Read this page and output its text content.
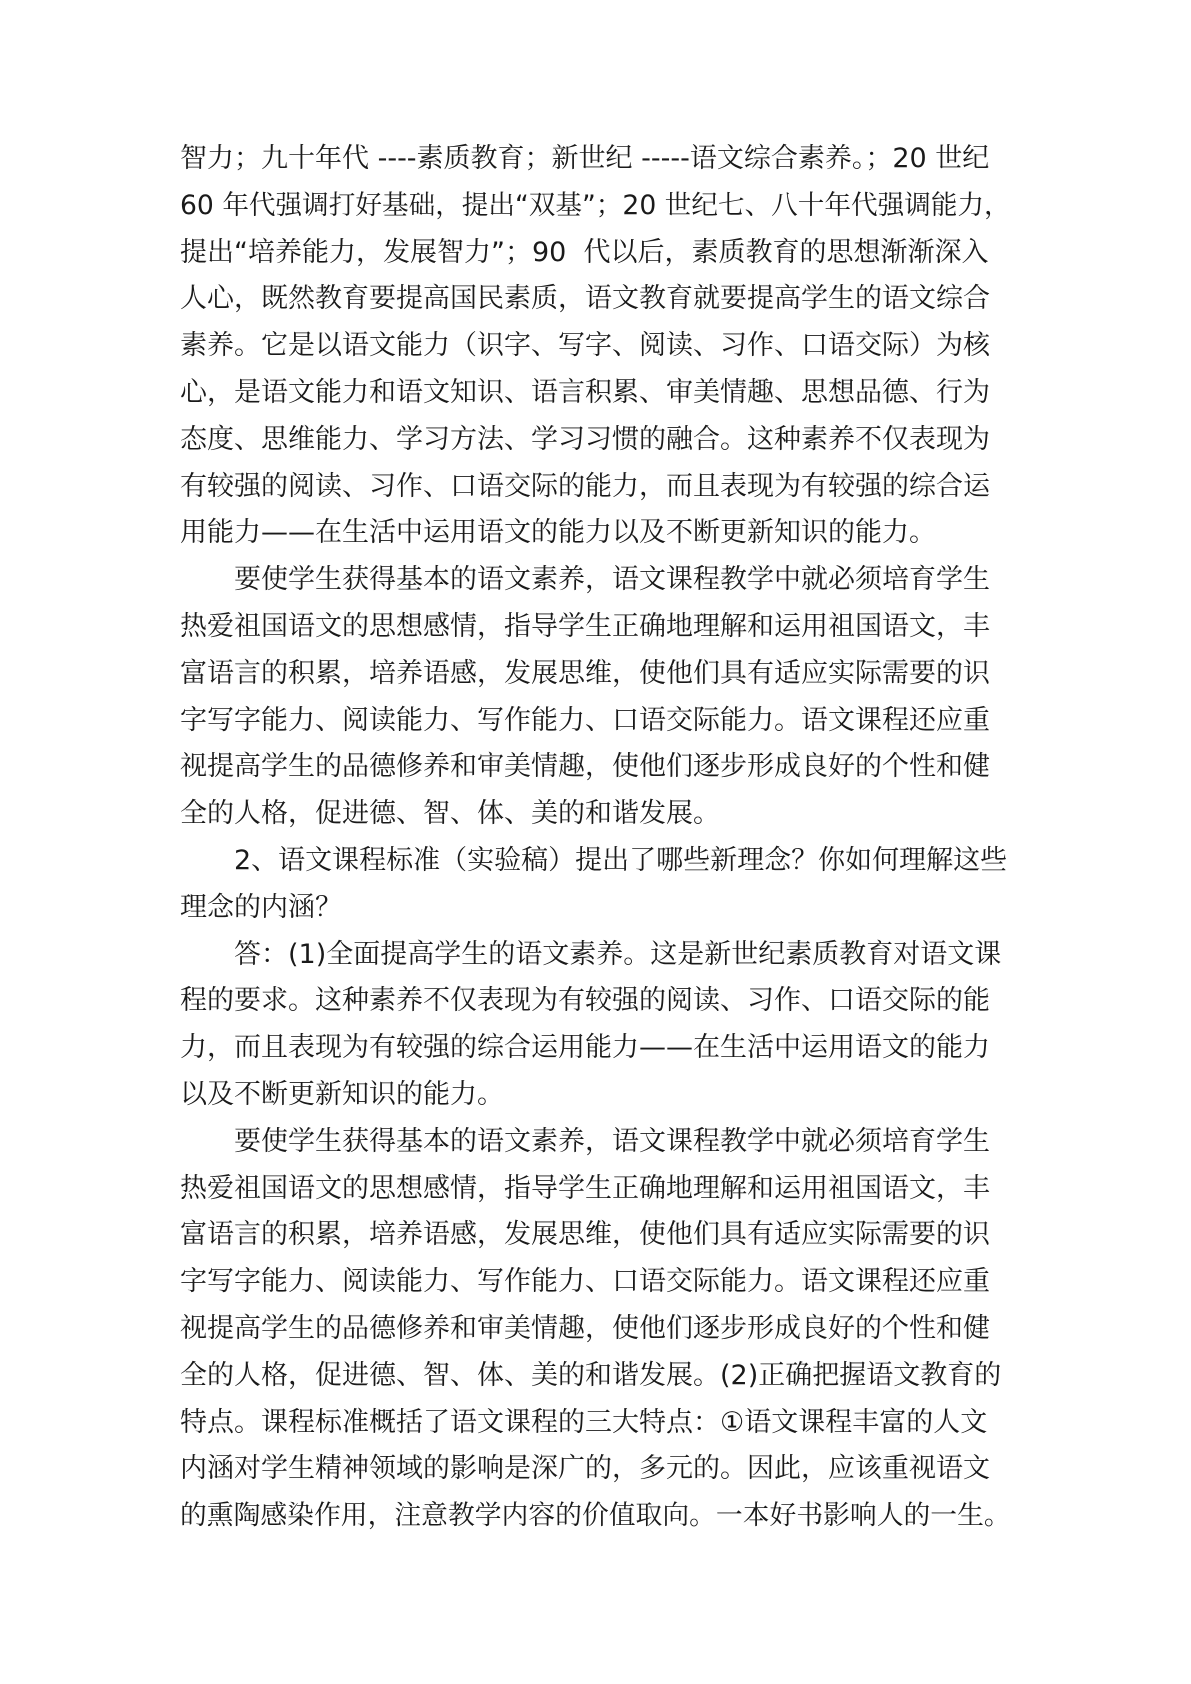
智力；九十年代 ----素质教育；新世纪 -----语文综合素养。；20 世纪
60 年代强调打好基础，提出“双基”；20 世纪七、八十年代强调能力，
提出“培养能力，发展智力”；90  代以后，素质教育的思想渐渐深入
人心，既然教育要提高国民素质，语文教育就要提高学生的语文综合
素养。它是以语文能力（识字、写字、阅读、习作、口语交际）为核
心，是语文能力和语文知识、语言积累、审美情趣、思想品德、行为
态度、思维能力、学习方法、学习习惯的融合。这种素养不仅表现为
有较强的阅读、习作、口语交际的能力，而且表现为有较强的综合运
用能力——在生活中运用语文的能力以及不断更新知识的能力。
要使学生获得基本的语文素养，语文课程教学中就必须培育学生
热爱祖国语文的思想感情，指导学生正确地理解和运用祖国语文，丰
富语言的积累，培养语感，发展思维，使他们具有适应实际需要的识
字写字能力、阅读能力、写作能力、口语交际能力。语文课程还应重
视提高学生的品德修养和审美情趣，使他们逐步形成良好的个性和健
全的人格，促进德、智、体、美的和谐发展。
2、语文课程标准（实验稿）提出了哪些新理念？你如何理解这些
理念的内涵？
答：(1)全面提高学生的语文素养。这是新世纪素质教育对语文课
程的要求。这种素养不仅表现为有较强的阅读、习作、口语交际的能
力，而且表现为有较强的综合运用能力——在生活中运用语文的能力
以及不断更新知识的能力。
要使学生获得基本的语文素养，语文课程教学中就必须培育学生
热爱祖国语文的思想感情，指导学生正确地理解和运用祖国语文，丰
富语言的积累，培养语感，发展思维，使他们具有适应实际需要的识
字写字能力、阅读能力、写作能力、口语交际能力。语文课程还应重
视提高学生的品德修养和审美情趣，使他们逐步形成良好的个性和健
全的人格，促进德、智、体、美的和谐发展。(2)正确把握语文教育的
特点。课程标准概括了语文课程的三大特点：①语文课程丰富的人文
内涵对学生精神领域的影响是深广的，多元的。因此，应该重视语文
的熏陶感染作用，注意教学内容的价值取向。一本好书影响人的一生。
